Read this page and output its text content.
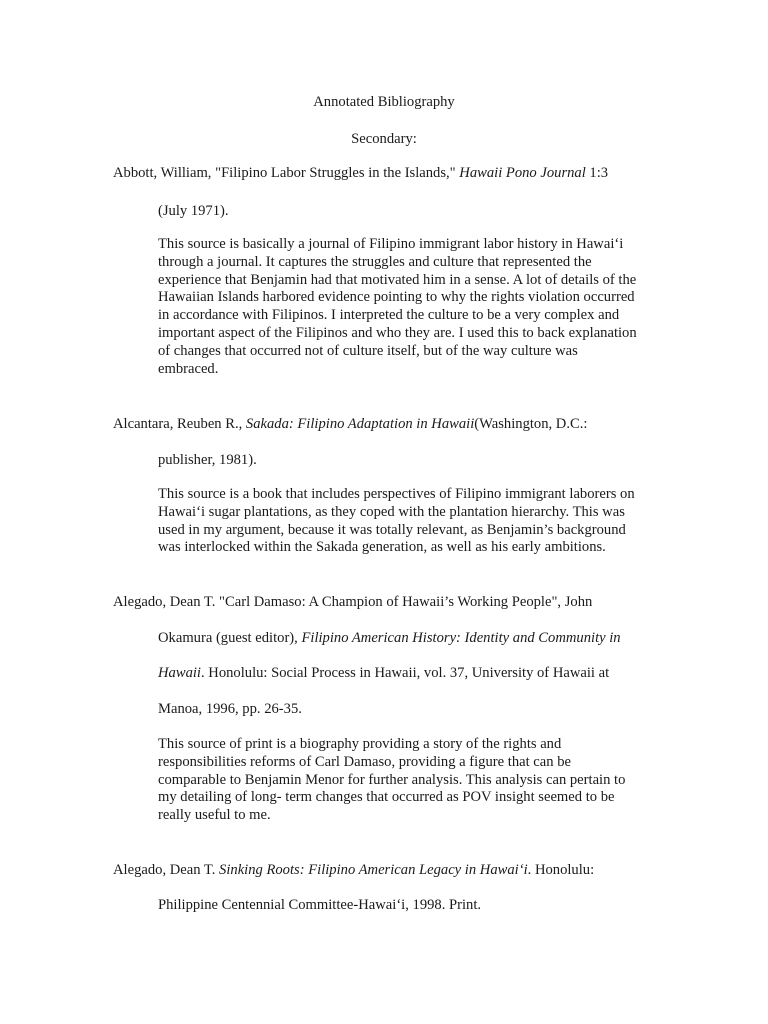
Annotated Bibliography
Secondary:
Abbott, William, "Filipino Labor Struggles in the Islands," Hawaii Pono Journal 1:3
(July 1971).
This source is basically a journal of Filipino immigrant labor history in Hawai‘i
through a journal. It captures the struggles and culture that represented the
experience that Benjamin had that motivated him in a sense. A lot of details of the
Hawaiian Islands harbored evidence pointing to why the rights violation occurred
in accordance with Filipinos. I interpreted the culture to be a very complex and
important aspect of the Filipinos and who they are. I used this to back explanation
of changes that occurred not of culture itself, but of the way culture was
embraced.
Alcantara, Reuben R., Sakada: Filipino Adaptation in Hawaii(Washington, D.C.:
publisher, 1981).
This source is a book that includes perspectives of Filipino immigrant laborers on
Hawai‘i sugar plantations, as they coped with the plantation hierarchy. This was
used in my argument, because it was totally relevant, as Benjamin’s background
was interlocked within the Sakada generation, as well as his early ambitions.
Alegado, Dean T. "Carl Damaso: A Champion of Hawaii’s Working People", John
Okamura (guest editor), Filipino American History: Identity and Community in
Hawaii. Honolulu: Social Process in Hawaii, vol. 37, University of Hawaii at
Manoa, 1996, pp. 26-35.
This source of print is a biography providing a story of the rights and
responsibilities reforms of Carl Damaso, providing a figure that can be
comparable to Benjamin Menor for further analysis. This analysis can pertain to
my detailing of long- term changes that occurred as POV insight seemed to be
really useful to me.
Alegado, Dean T. Sinking Roots: Filipino American Legacy in Hawai‘i. Honolulu:
Philippine Centennial Committee-Hawai‘i, 1998. Print.
